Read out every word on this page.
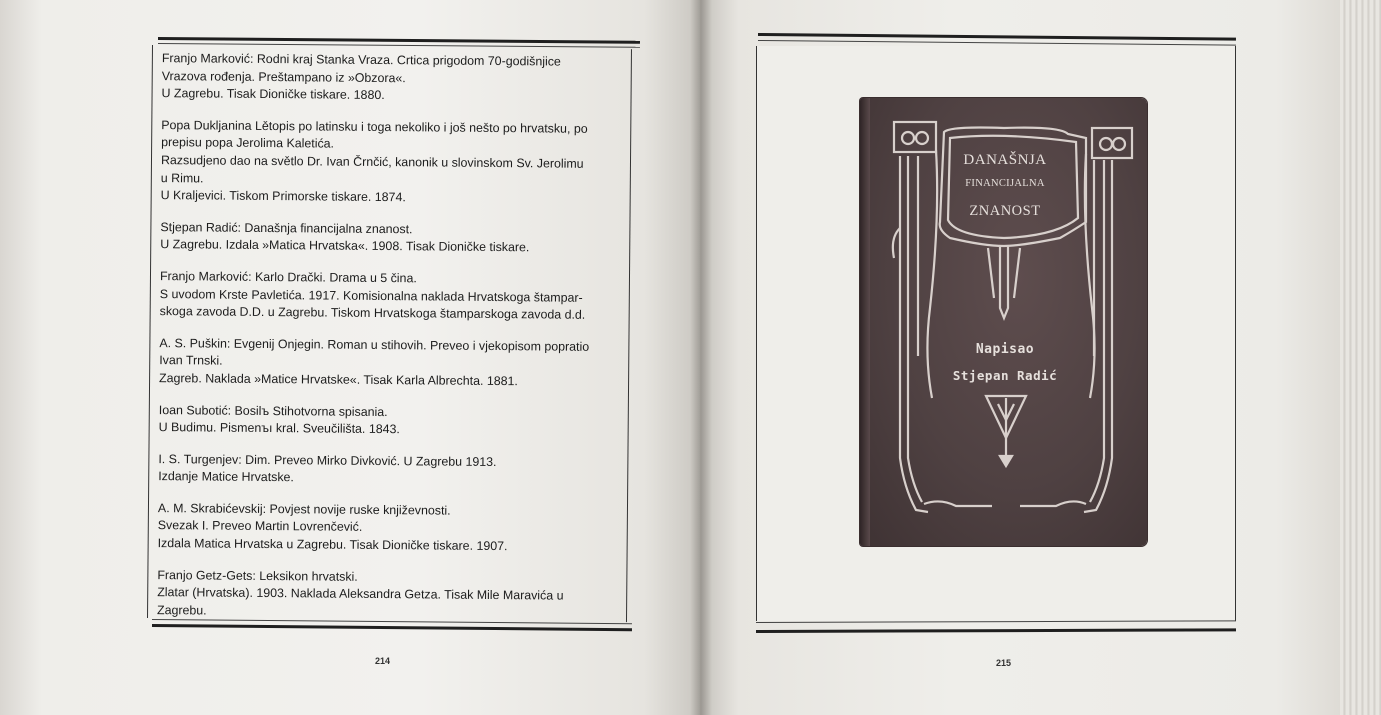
Franjo Marković: Rodni kraj Stanka Vraza. Crtica prigodom 70-godišnjice
Vrazova rođenja. Preštampano iz »Obzora«.
U Zagrebu. Tisak Dioničke tiskare. 1880.
Popa Dukljanina Lětopis po latinsku i toga nekoliko i još nešto po hrvatsku, po
prepisu popa Jerolima Kaletića.
Razsudjeno dao na světlo Dr. Ivan Črnčić, kanonik u slovinskom Sv. Jerolimu
u Rimu.
U Kraljevici. Tiskom Primorske tiskare. 1874.
Stjepan Radić: Današnja financijalna znanost.
U Zagrebu. Izdala »Matica Hrvatska«. 1908. Tisak Dioničke tiskare.
Franjo Marković: Karlo Drački. Drama u 5 čina.
S uvodom Krste Pavletića. 1917. Komisionalna naklada Hrvatskoga štampar-
skoga zavoda D.D. u Zagrebu. Tiskom Hrvatskoga štamparskoga zavoda d.d.
A. S. Puškin: Evgenij Onjegin. Roman u stihovih. Preveo i vjekopisom popratio
Ivan Trnski.
Zagreb. Naklada »Matice Hrvatske«. Tisak Karla Albrechta. 1881.
Ioan Subotić: Bosilъ Stihotvorna spisania.
U Budimu. Pismenъı kral. Sveučilišta. 1843.
I. S. Turgenjev: Dim. Preveo Mirko Divković. U Zagrebu 1913.
Izdanje Matice Hrvatske.
A. M. Skrabićevskij: Povjest novije ruske književnosti.
Svezak I. Preveo Martin Lovrenčević.
Izdala Matica Hrvatska u Zagrebu. Tisak Dioničke tiskare. 1907.
Franjo Getz-Gets: Leksikon hrvatski.
Zlatar (Hrvatska). 1903. Naklada Aleksandra Getza. Tisak Mile Maravića u
Zagrebu.
214
DANAŠNJA
FINANCIJALNA
ZNANOST
Napisao
Stjepan Radić
215
